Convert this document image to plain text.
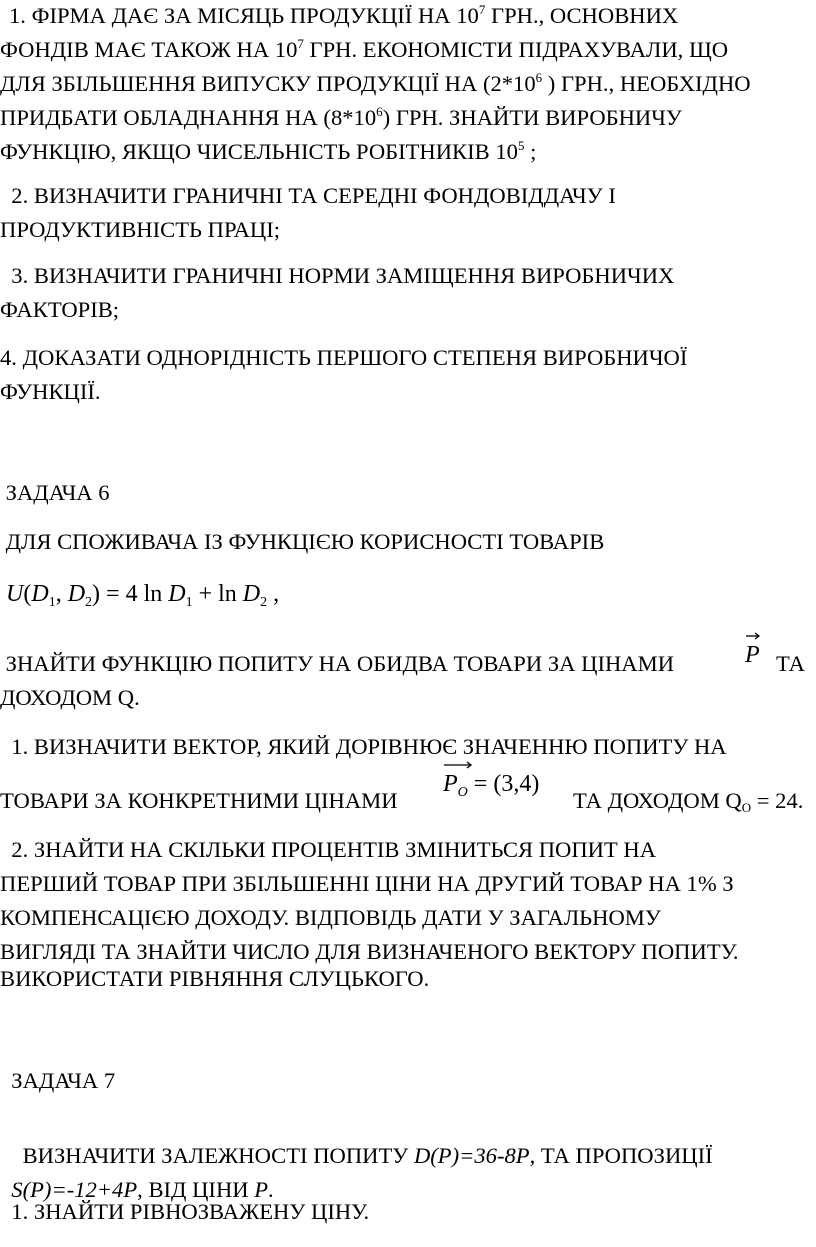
1. ФІРМА ДАЄ ЗА МІСЯЦЬ ПРОДУКЦІЇ НА $10^7$ ГРН., ОСНОВНИХ
ФОНДІВ МАЄ ТАКОЖ НА $10^7$ ГРН. ЕКОНОМІСТИ ПІДРАХУВАЛИ, ЩО
ДЛЯ ЗБІЛЬШЕННЯ ВИПУСКУ ПРОДУКЦІЇ НА ($2*10^6$ ) ГРН., НЕОБХІДНО
ПРИДБАТИ ОБЛАДНАННЯ НА $(8*10^6)$ ГРН. ЗНАЙТИ ВИРОБНИЧУ
ФУНКЦІЮ, ЯКЩО ЧИСЕЛЬНІСТЬ РОБІТНИКІВ $10^5$ ;
2. ВИЗНАЧИТИ ГРАНИЧНІ ТА СЕРЕДНІ ФОНДОВІДДАЧУ І
ПРОДУКТИВНІСТЬ ПРАЦІ;
3. ВИЗНАЧИТИ ГРАНИЧНІ НОРМИ ЗАМІЩЕННЯ ВИРОБНИЧИХ
ФАКТОРІВ;
4. ДОКАЗАТИ ОДНОРІДНІСТЬ ПЕРШОГО СТЕПЕНЯ ВИРОБНИЧОЇ
ФУНКЦІЇ.
ЗАДАЧА 6
ДЛЯ СПОЖИВАЧА ІЗ ФУНКЦІЄЮ КОРИСНОСТІ ТОВАРІВ
$U(D_1$, $D_2) = 4$ $\ln D_1 + \ln D_2$ ,
ЗНАЙТИ ФУНКЦІЮ ПОПИТУ НА ОБИДВА ТОВАРИ ЗА ЦІНАМИ	P ТА
ДОХОДОМ Q.
1. ВИЗНАЧИТИ ВЕКТОР, ЯКИЙ ДОРІВНЮЄ ЗНАЧЕННЮ ПОПИТУ НА
ТОВАРИ ЗА КОНКРЕТНИМИ ЦІНАМИ
$P_O = (3,4)$
ТА ДОХОДОМ $Q_O = 24$.
2. ЗНАЙТИ НА СКІЛЬКИ ПРОЦЕНТІВ ЗМІНИТЬСЯ ПОПИТ НА
ПЕРШИЙ ТОВАР ПРИ ЗБІЛЬШЕННІ ЦІНИ НА ДРУГИЙ ТОВАР НА 1% З
КОМПЕНСАЦІЄЮ ДОХОДУ. ВІДПОВІДЬ ДАТИ У ЗАГАЛЬНОМУ
ВИГЛЯДІ ТА ЗНАЙТИ ЧИСЛО ДЛЯ ВИЗНАЧЕНОГО ВЕКТОРУ ПОПИТУ.
ВИКОРИСТАТИ РІВНЯННЯ СЛУЦЬКОГО.
ЗАДАЧА 7

ВИЗНАЧИТИ ЗАЛЕЖНОСТІ ПОПИТУ D(P)=36-8P, ТА ПРОПОЗИЦІЇ

S(P)=-12+4P, ВІД ЦІНИ P.

1. ЗНАЙТИ РІВНОЗВАЖЕНУ ЦІНУ.
